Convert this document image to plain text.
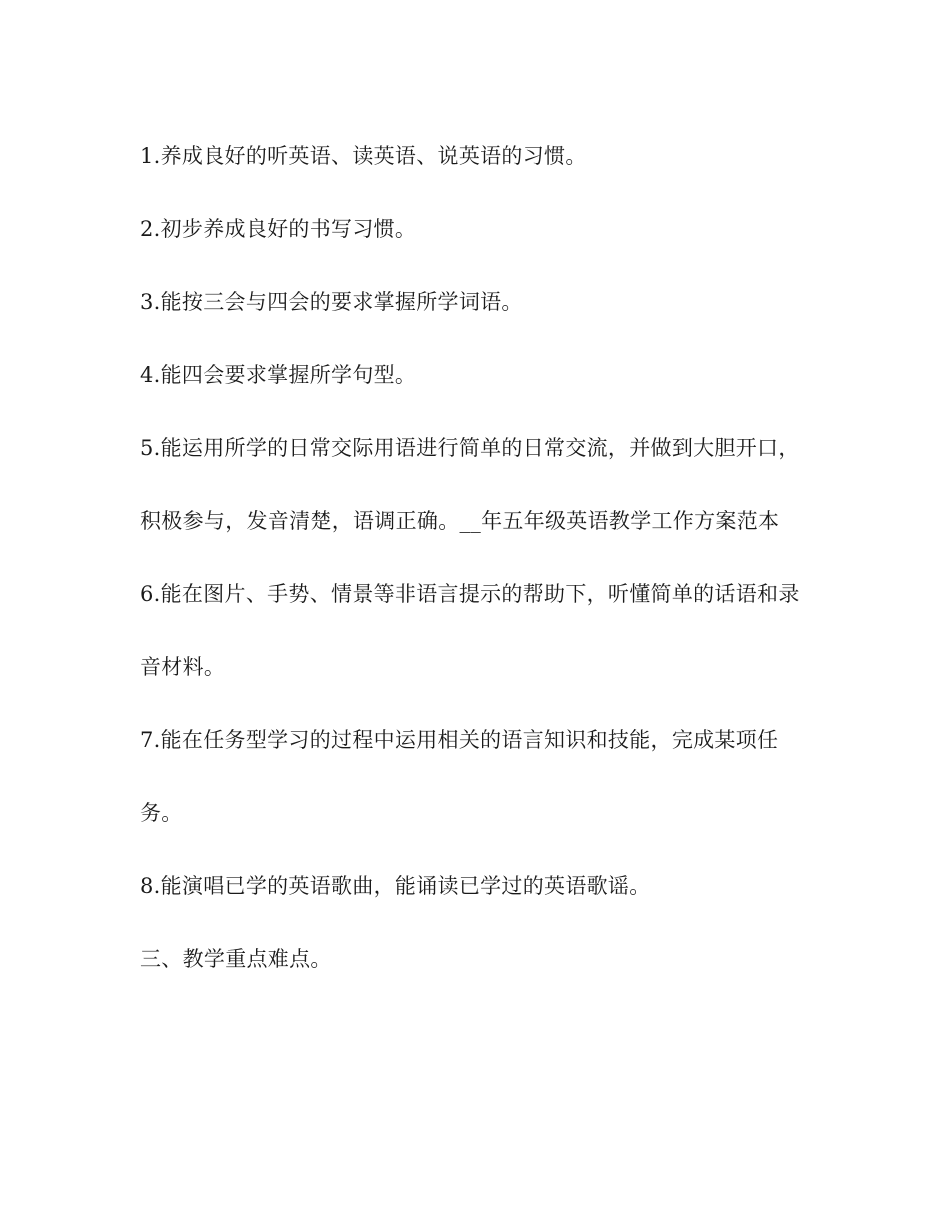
1.养成良好的听英语、读英语、说英语的习惯。

2.初步养成良好的书写习惯。

3.能按三会与四会的要求掌握所学词语。

4.能四会要求掌握所学句型。

5.能运用所学的日常交际用语进行简单的日常交流，并做到大胆开口，积极参与，发音清楚，语调正确。__年五年级英语教学工作方案范本

6.能在图片、手势、情景等非语言提示的帮助下，听懂简单的话语和录音材料。

7.能在任务型学习的过程中运用相关的语言知识和技能，完成某项任务。

8.能演唱已学的英语歌曲，能诵读已学过的英语歌谣。

三、教学重点难点。
